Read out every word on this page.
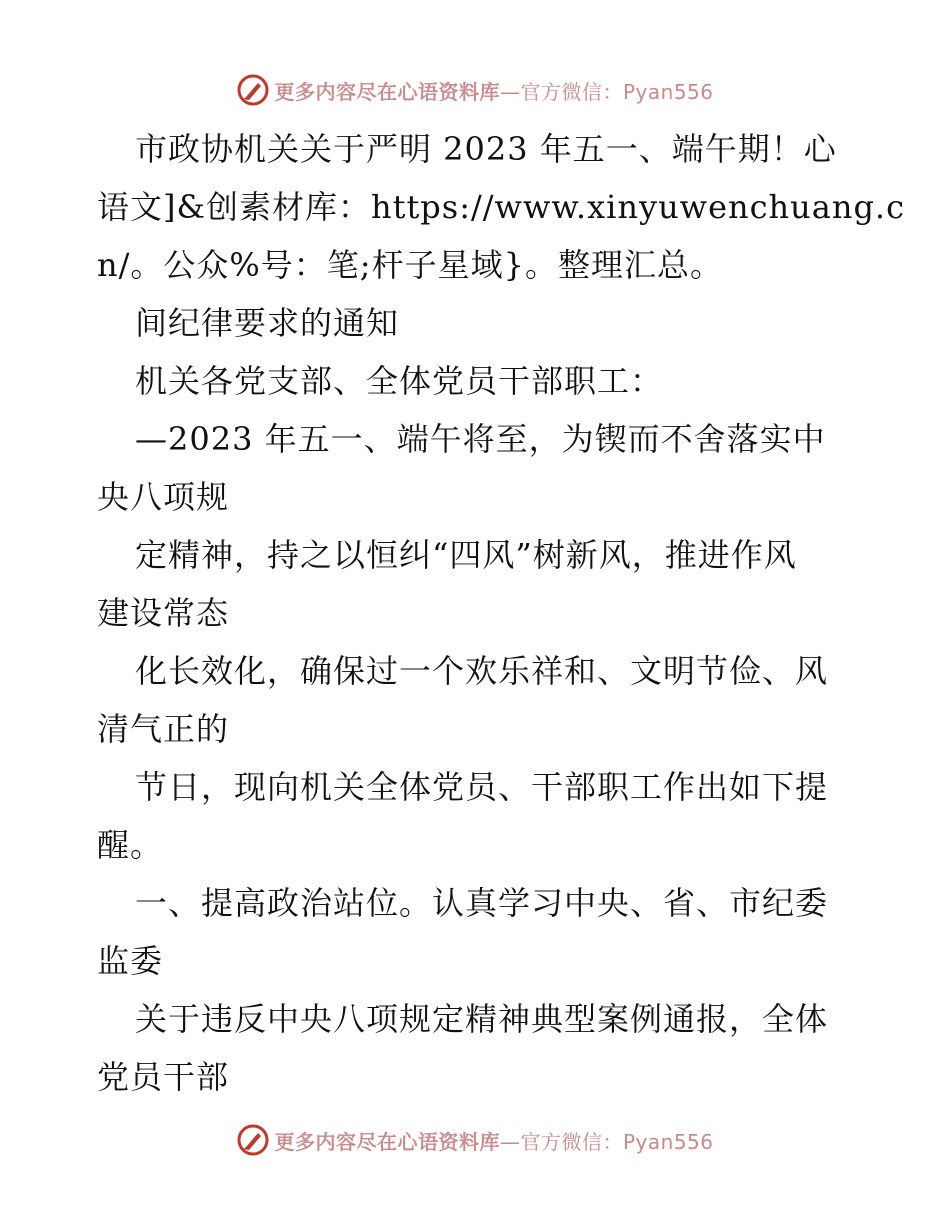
更多内容尽在心语资料库—官方微信：Pyan556
市政协机关关于严明 2023 年五一、端午期！心
语文]&创素材库：https://www.xinyuwenchuang.c
n/。公众%号：笔;杆子星域}。整理汇总。
间纪律要求的通知
机关各党支部、全体党员干部职工：
—2023 年五一、端午将至，为锲而不舍落实中
央八项规
定精神，持之以恒纠“四风”树新风，推进作风
建设常态
化长效化，确保过一个欢乐祥和、文明节俭、风
清气正的
节日，现向机关全体党员、干部职工作出如下提
醒。
一、提高政治站位。认真学习中央、省、市纪委
监委
关于违反中央八项规定精神典型案例通报，全体
党员干部
更多内容尽在心语资料库—官方微信：Pyan556
